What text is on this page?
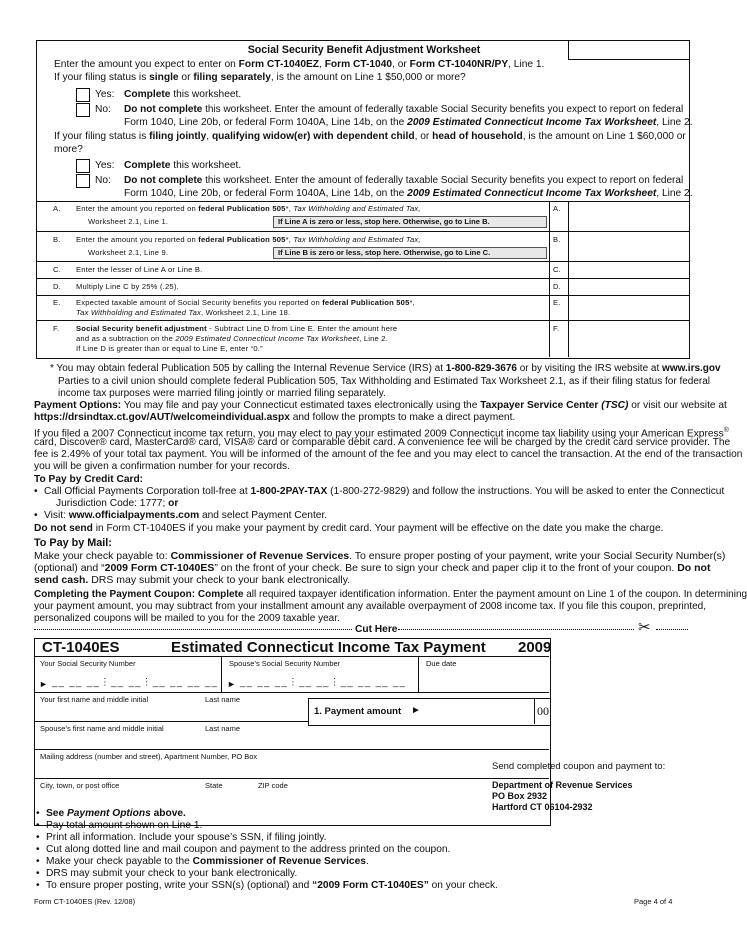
Social Security Benefit Adjustment Worksheet
Enter the amount you expect to enter on Form CT-1040EZ, Form CT-1040, or Form CT-1040NR/PY, Line 1.
If your filing status is single or filing separately, is the amount on Line 1 $50,000 or more?
Yes: Complete this worksheet.
No: Do not complete this worksheet. Enter the amount of federally taxable Social Security benefits you expect to report on federal
Form 1040, Line 20b, or federal Form 1040A, Line 14b, on the 2009 Estimated Connecticut Income Tax Worksheet, Line 2.
If your filing status is filing jointly, qualifying widow(er) with dependent child, or head of household, is the amount on Line 1 $60,000 or
more?
Yes: Complete this worksheet.
No: Do not complete this worksheet. Enter the amount of federally taxable Social Security benefits you expect to report on federal
Form 1040, Line 20b, or federal Form 1040A, Line 14b, on the 2009 Estimated Connecticut Income Tax Worksheet, Line 2.
A. Enter the amount you reported on federal Publication 505*, Tax Withholding and Estimated Tax,
Worksheet 2.1, Line 1.	If Line A is zero or less, stop here. Otherwise, go to Line B.
A.
B. Enter the amount you reported on federal Publication 505*, Tax Withholding and Estimated Tax,
Worksheet 2.1, Line 9.	If Line B is zero or less, stop here. Otherwise, go to Line C.
B.
C. Enter the lesser of Line A or Line B.	C.
D. Multiply Line C by 25% (.25).	D.
E. Expected taxable amount of Social Security benefits you reported on federal Publication 505*,
Tax Withholding and Estimated Tax, Worksheet 2.1, Line 18.
E.
F. Social Security benefit adjustment - Subtract Line D from Line E. Enter the amount here
and as a subtraction on the 2009 Estimated Connecticut Income Tax Worksheet, Line 2.
If Line D is greater than or equal to Line E, enter “0.”
F.
* You may obtain federal Publication 505 by calling the Internal Revenue Service (IRS) at 1-800-829-3676 or by visiting the IRS website at www.irs.gov
Parties to a civil union should complete federal Publication 505, Tax Withholding and Estimated Tax Worksheet 2.1, as if their filing status for federal
income tax purposes were married filing jointly or married filing separately.
Payment Options: You may file and pay your Connecticut estimated taxes electronically using the Taxpayer Service Center (TSC) or visit our website at
https://drsindtax.ct.gov/AUT/welcomeindividual.aspx and follow the prompts to make a direct payment.
If you filed a 2007 Connecticut income tax return, you may elect to pay your estimated 2009 Connecticut income tax liability using your American Express®
card, Discover® card, MasterCard® card, VISA® card or comparable debit card. A convenience fee will be charged by the credit card service provider. The
fee is 2.49% of your total tax payment. You will be informed of the amount of the fee and you may elect to cancel the transaction. At the end of the transaction
you will be given a confirmation number for your records.
To Pay by Credit Card:
• Call Official Payments Corporation toll-free at 1-800-2PAY-TAX (1-800-272-9829) and follow the instructions. You will be asked to enter the Connecticut
Jurisdiction Code: 1777; or
• Visit: www.officialpayments.com and select Payment Center.
Do not send in Form CT-1040ES if you make your payment by credit card. Your payment will be effective on the date you make the charge.
To Pay by Mail:
Make your check payable to: Commissioner of Revenue Services. To ensure proper posting of your payment, write your Social Security Number(s)
(optional) and “2009 Form CT-1040ES” on the front of your check. Be sure to sign your check and paper clip it to the front of your coupon. Do not
send cash. DRS may submit your check to your bank electronically.
Completing the Payment Coupon: Complete all required taxpayer identification information. Enter the payment amount on Line 1 of the coupon. In determining
your payment amount, you may subtract from your installment amount any available overpayment of 2008 income tax. If you file this coupon, preprinted,
personalized coupons will be mailed to you for the 2009 taxable year.
Cut Here	✂
CT-1040ES	Estimated Connecticut Income Tax Payment 2009
Your Social Security Number	Spouse’s Social Security Number	Due date
► __ __ __⋮__ __⋮__ __ __ __ ► __ __ __⋮__ __⋮__ __ __ __
Your first name and middle initial	Last name
1. Payment amount ►	00
Spouse’s first name and middle initial	Last name
Mailing address (number and street), Apartment Number, PO Box
City, town, or post office	State	ZIP code
Send completed coupon and payment to:
Department of Revenue Services
PO Box 2932
Hartford CT 06104-2932
• See Payment Options above.
• Pay total amount shown on Line 1.
• Print all information. Include your spouse’s SSN, if filing jointly.
• Cut along dotted line and mail coupon and payment to the address printed on the coupon.
• Make your check payable to the Commissioner of Revenue Services.
• DRS may submit your check to your bank electronically.
• To ensure proper posting, write your SSN(s) (optional) and “2009 Form CT-1040ES” on your check.
Form CT-1040ES (Rev. 12/08)	Page 4 of 4
